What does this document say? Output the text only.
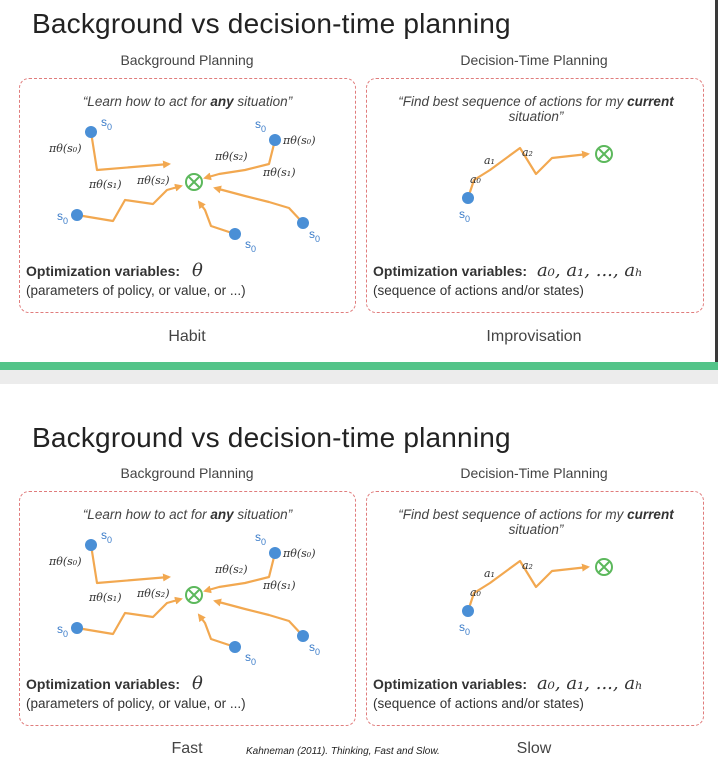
Background vs decision-time planning
Background Planning	Decision-Time Planning
“Learn how to act for any situation”	“Find best sequence of actions for my current situation”
$s_0$
$s_0$
$s_0$
$s_0$
$s_0$
πθ(s₀)
πθ(s₁) πθ(s₂)
πθ(s₂)
πθ(s₀)
πθ(s₁)
$s_0$
a₀
a₁
a₂
Optimization variables: θ
(parameters of policy, or value, or ...)
Optimization variables: a₀, a₁, ..., aₕ
(sequence of actions and/or states)
Habit	Improvisation
Background vs decision-time planning
Background Planning	Decision-Time Planning
“Learn how to act for any situation”	“Find best sequence of actions for my current situation”
$s_0$
$s_0$
$s_0$
$s_0$
$s_0$
πθ(s₀)
πθ(s₁) πθ(s₂)
πθ(s₂)
πθ(s₀)
πθ(s₁)
$s_0$
a₀
a₁
a₂
Optimization variables: θ
(parameters of policy, or value, or ...)
Optimization variables: a₀, a₁, ..., aₕ
(sequence of actions and/or states)
Fast	Kahneman (2011). Thinking, Fast and Slow.	Slow
